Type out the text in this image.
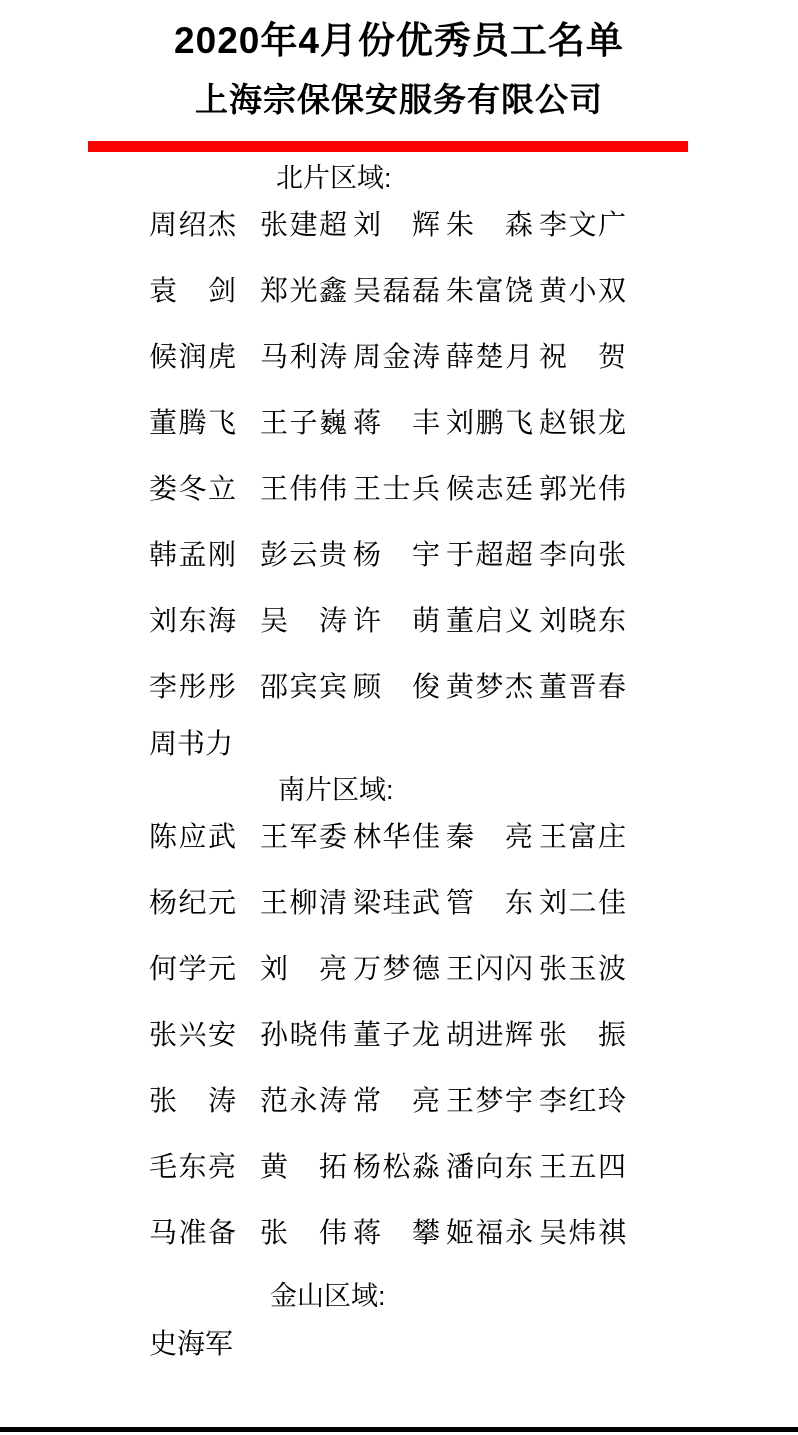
2020年4月份优秀员工名单
上海宗保保安服务有限公司
北片区域:
周 绍 杰 张 建 超 刘 辉 朱 森 李 文 广
袁 剑 郑 光 鑫 吴 磊 磊 朱 富 饶 黄 小 双
候 润 虎 马 利 涛 周 金 涛 薛 楚 月 祝 贺
董 腾 飞 王 子 巍 蒋 丰 刘 鹏 飞 赵 银 龙
娄 冬 立 王 伟 伟 王 士 兵 候 志 廷 郭 光 伟
韩 孟 刚 彭 云 贵 杨 宇 于 超 超 李 向 张
刘 东 海 吴 涛 许 萌 董 启 义 刘 晓 东
李 彤 彤 邵 宾 宾 顾 俊 黄 梦 杰 董 晋 春
周 书 力
南片区域:
陈 应 武 王 军 委 林 华 佳 秦 亮 王 富 庄
杨 纪 元 王 柳 清 梁 珪 武 管 东 刘 二 佳
何 学 元 刘 亮 万 梦 德 王 闪 闪 张 玉 波
张 兴 安 孙 晓 伟 董 子 龙 胡 进 辉 张 振
张 涛 范 永 涛 常 亮 王 梦 宇 李 红 玲
毛 东 亮 黄 拓 杨 松 淼 潘 向 东 王 五 四
马 准 备 张 伟 蒋 攀 姬 福 永 吴 炜 祺
金山区域:
史 海 军
